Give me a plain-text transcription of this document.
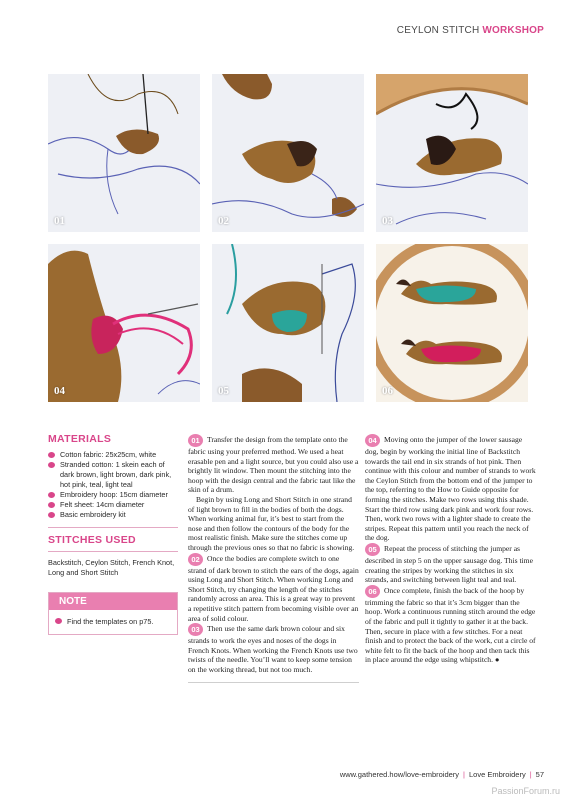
CEYLON STITCH WORKSHOP
01	02	03
04	05	06
MATERIALS
Cotton fabric: 25x25cm, white
Stranded cotton: 1 skein each of dark brown, light brown, dark pink, hot pink, teal, light teal
Embroidery hoop: 15cm diameter
Felt sheet: 14cm diameter
Basic embroidery kit
STITCHES USED
Backstitch, Ceylon Stitch, French Knot, Long and Short Stitch
NOTE
Find the templates on p75.

01 Transfer the design from the template onto the fabric using your preferred method. We used a heat erasable pen and a light source, but you could also use a brightly lit window. Then mount the stitching into the hoop with the design central and the fabric taut like the skin of a drum.

Begin by using Long and Short Stitch in one strand of light brown to fill in the bodies of both the dogs. When working animal fur, it’s best to start from the nose and then follow the contours of the body for the most realistic finish. Make sure the stitches come up through the previous ones so that no fabric is showing.

02 Once the bodies are complete switch to one strand of dark brown to stitch the ears of the dogs, again using Long and Short Stitch. When working Long and Short Stitch, try changing the length of the stitches randomly across an area. This is a great way to prevent a repetitive stitch pattern from becoming visible over an area of solid colour.

03 Then use the same dark brown colour and six strands to work the eyes and noses of the dogs in French Knots. When working the French Knots use two twists of the needle. You’ll want to keep some tension on the working thread, but not too much.

04 Moving onto the jumper of the lower sausage dog, begin by working the initial line of Backstitch towards the tail end in six strands of hot pink. Then continue with this colour and number of strands to work the Ceylon Stitch from the bottom end of the jumper to the top, referring to the How to Guide opposite for forming the stitches. Make two rows using this shade. Start the third row using dark pink and work four rows. Then, work two rows with a lighter shade to create the stripes. Repeat this pattern until you reach the neck of the dog.

05 Repeat the process of stitching the jumper as described in step 5 on the upper sausage dog. This time creating the stripes by working the stitches in six strands, and switching between light teal and teal.

06 Once complete, finish the back of the hoop by trimming the fabric so that it’s 3cm bigger than the hoop. Work a continuous running stitch around the edge of the fabric and pull it tightly to gather it at the back. Then, secure in place with a few stitches. For a neat finish and to protect the back of the work, cut a circle of white felt to fit the back of the hoop and then tack this in place around the edge using whipstitch. ●

www.gathered.how/love-embroidery | Love Embroidery | 57
PassionForum.ru
